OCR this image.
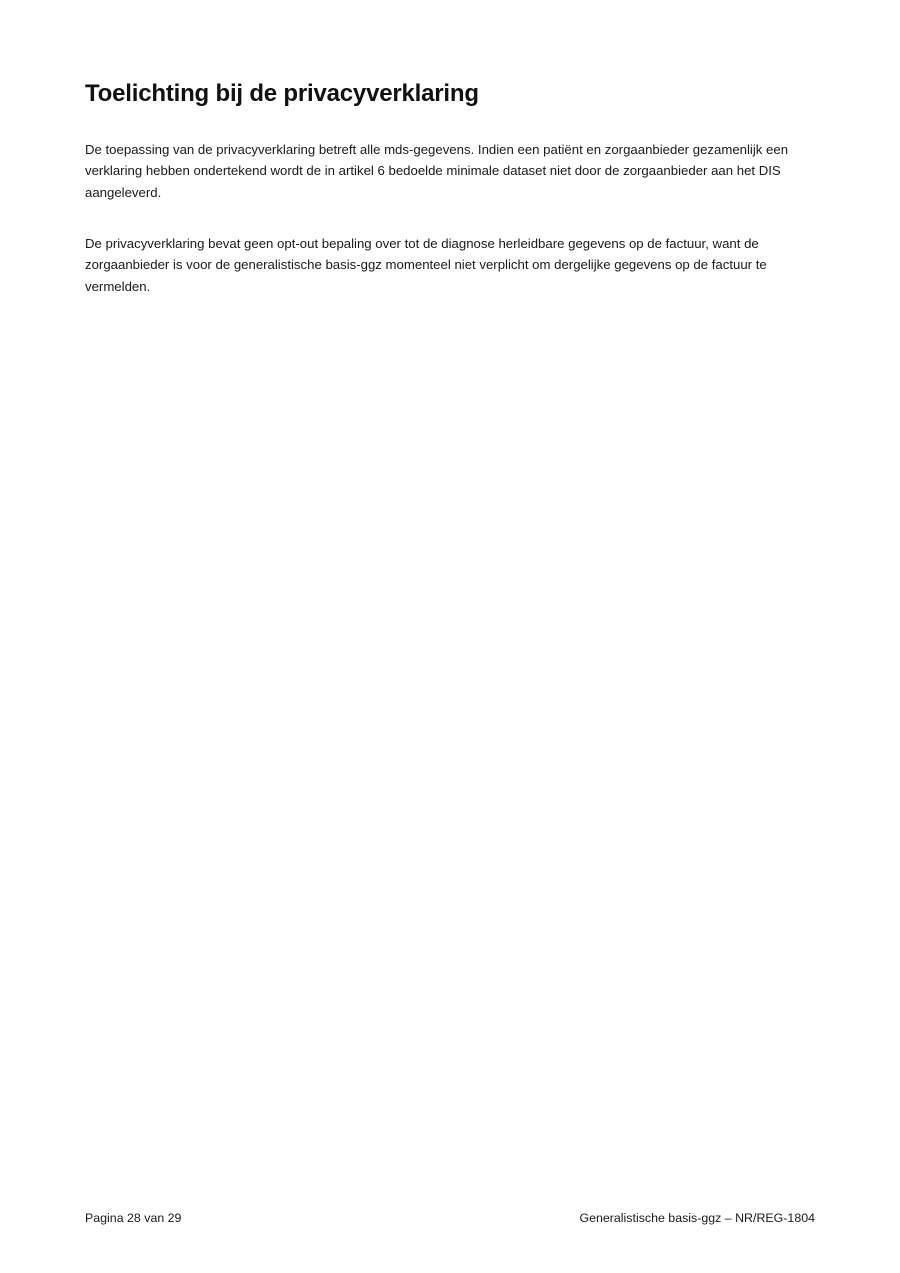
Toelichting bij de privacyverklaring

De toepassing van de privacyverklaring betreft alle mds-gegevens. Indien een patiënt en zorgaanbieder gezamenlijk een verklaring hebben ondertekend wordt de in artikel 6 bedoelde minimale dataset niet door de zorgaanbieder aan het DIS aangeleverd.

De privacyverklaring bevat geen opt-out bepaling over tot de diagnose herleidbare gegevens op de factuur, want de zorgaanbieder is voor de generalistische basis-ggz momenteel niet verplicht om dergelijke gegevens op de factuur te vermelden.

Pagina 28 van 29	Generalistische basis-ggz – NR/REG-1804
